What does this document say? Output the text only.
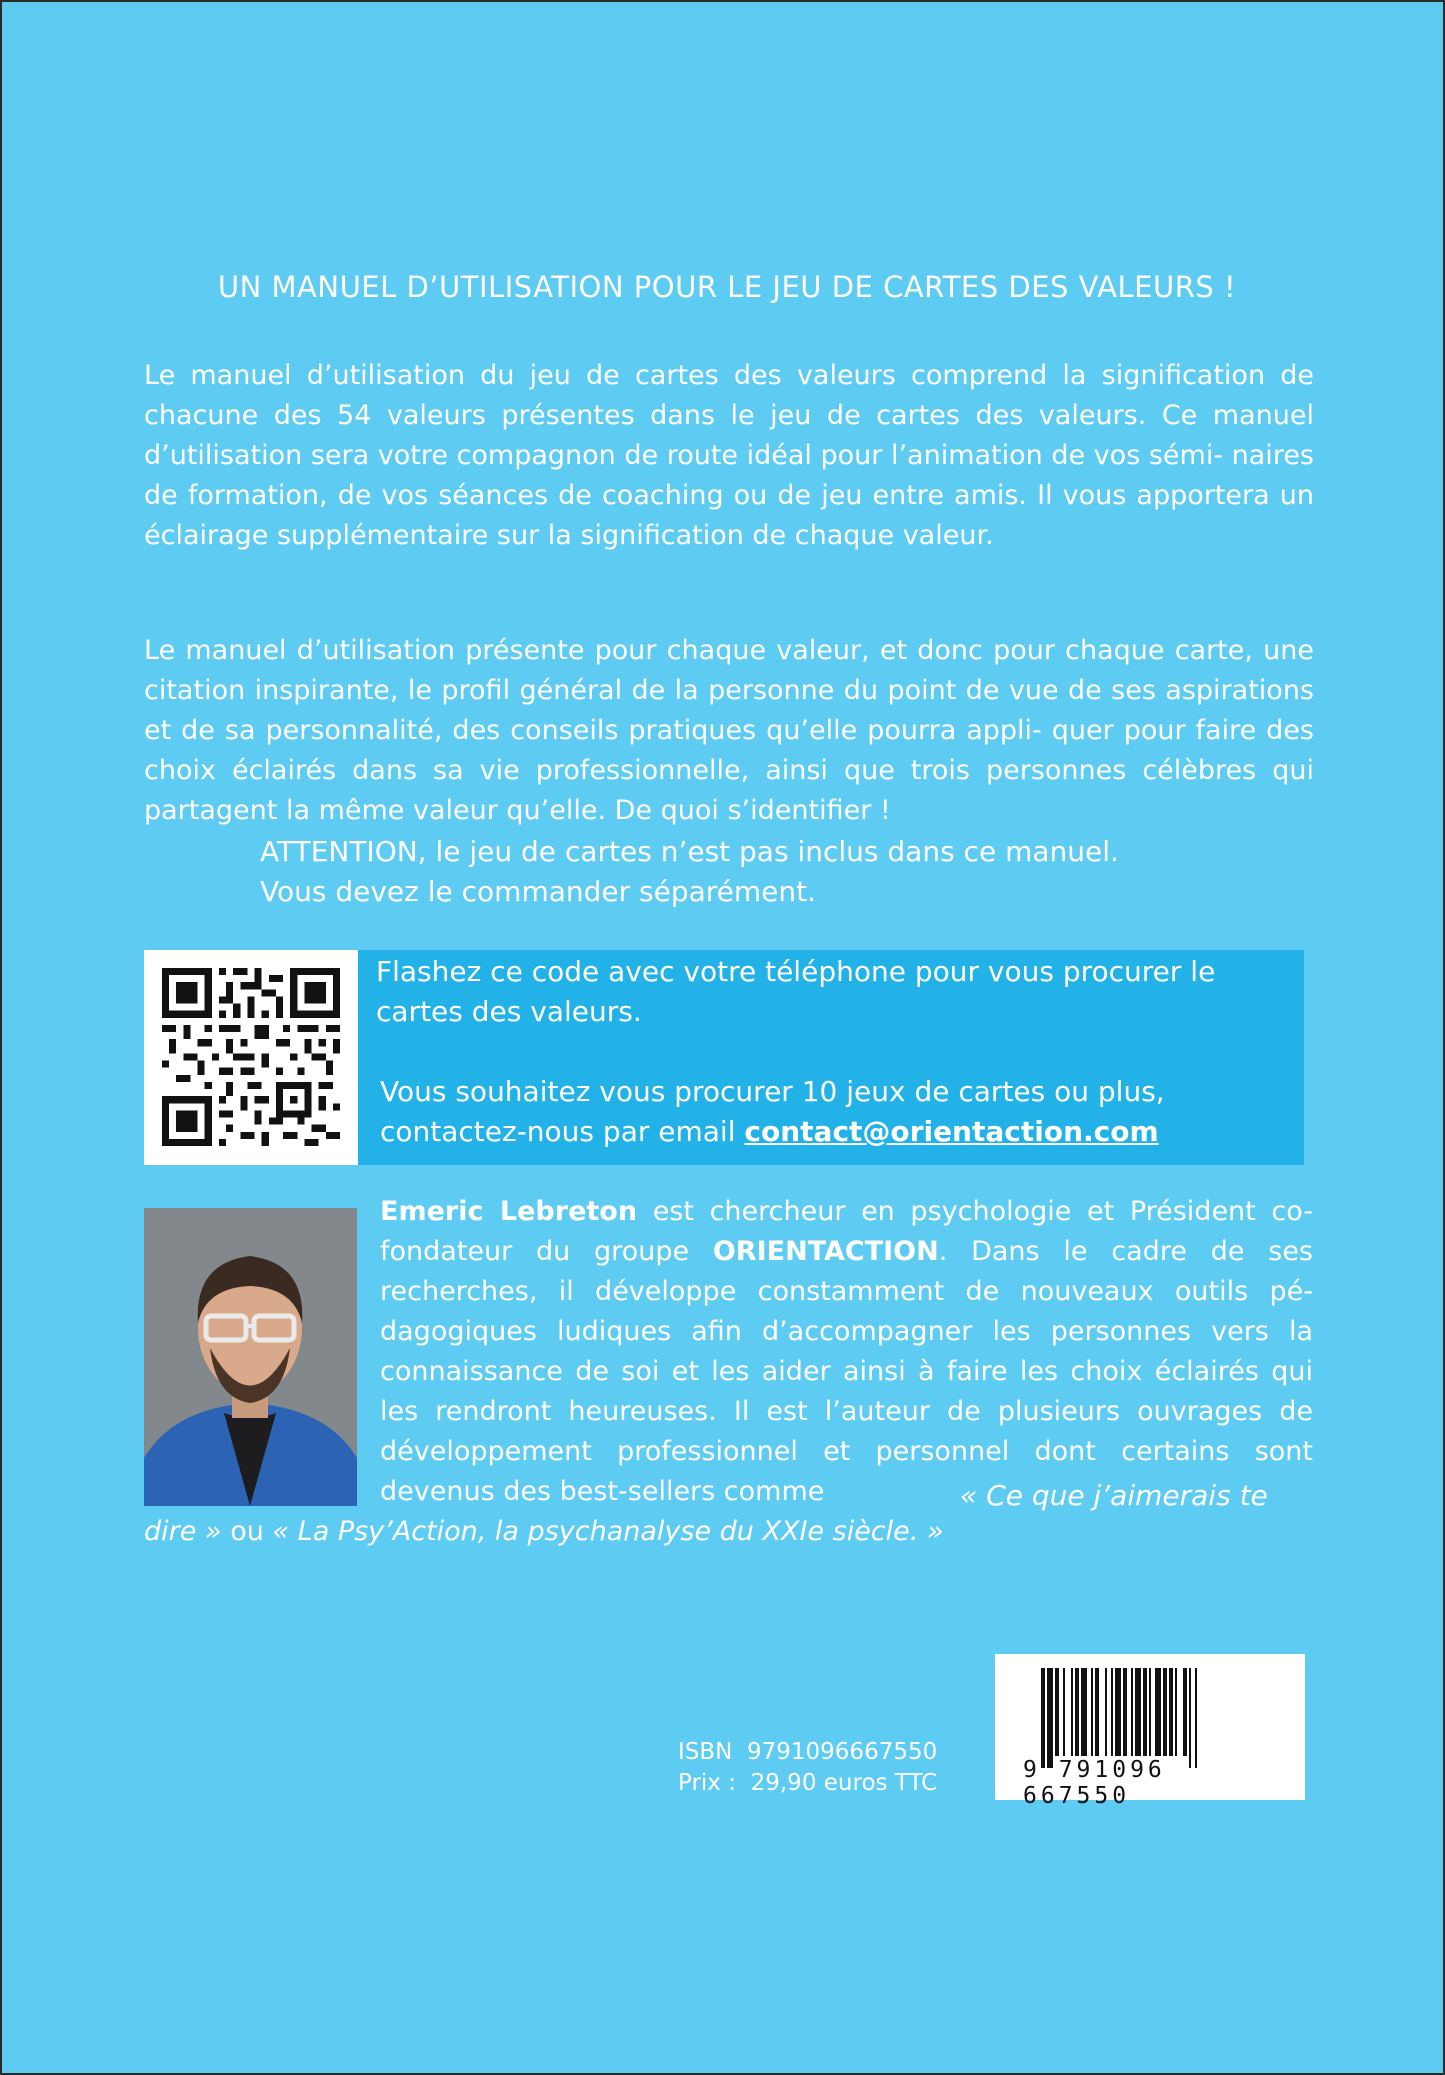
UN MANUEL D’UTILISATION POUR LE JEU DE CARTES DES VALEURS !
Le manuel d’utilisation du jeu de cartes des valeurs comprend la signification de chacune des 54 valeurs présentes dans le jeu de cartes des valeurs. Ce manuel d’utilisation sera votre compagnon de route idéal pour l’animation de vos sémi- naires de formation, de vos séances de coaching ou de jeu entre amis. Il vous apportera un éclairage supplémentaire sur la signification de chaque valeur.
Le manuel d’utilisation présente pour chaque valeur, et donc pour chaque carte, une citation inspirante, le profil général de la personne du point de vue de ses aspirations et de sa personnalité, des conseils pratiques qu’elle pourra appli- quer pour faire des choix éclairés dans sa vie professionnelle, ainsi que trois personnes célèbres qui partagent la même valeur qu’elle. De quoi s’identifier !
ATTENTION, le jeu de cartes n’est pas inclus dans ce manuel.
Vous devez le commander séparément.
Flashez ce code avec votre téléphone pour vous procurer le cartes des valeurs.
Vous souhaitez vous procurer 10 jeux de cartes ou plus,
contactez-nous par email contact@orientaction.com
Emeric Lebreton est chercheur en psychologie et Président co-fondateur du groupe ORIENTACTION. Dans le cadre de ses recherches, il développe constamment de nouveaux outils pé- dagogiques ludiques afin d’accompagner les personnes vers la connaissance de soi et les aider ainsi à faire les choix éclairés qui les rendront heureuses. Il est l’auteur de plusieurs ouvrages de développement professionnel et personnel dont certains sont devenus des best-sellers comme	« Ce que j’aimerais te
dire » ou « La Psy’Action, la psychanalyse du XXIe siècle. »
ISBN 9791096667550
Prix : 29,90 euros TTC	9 791096 667550
